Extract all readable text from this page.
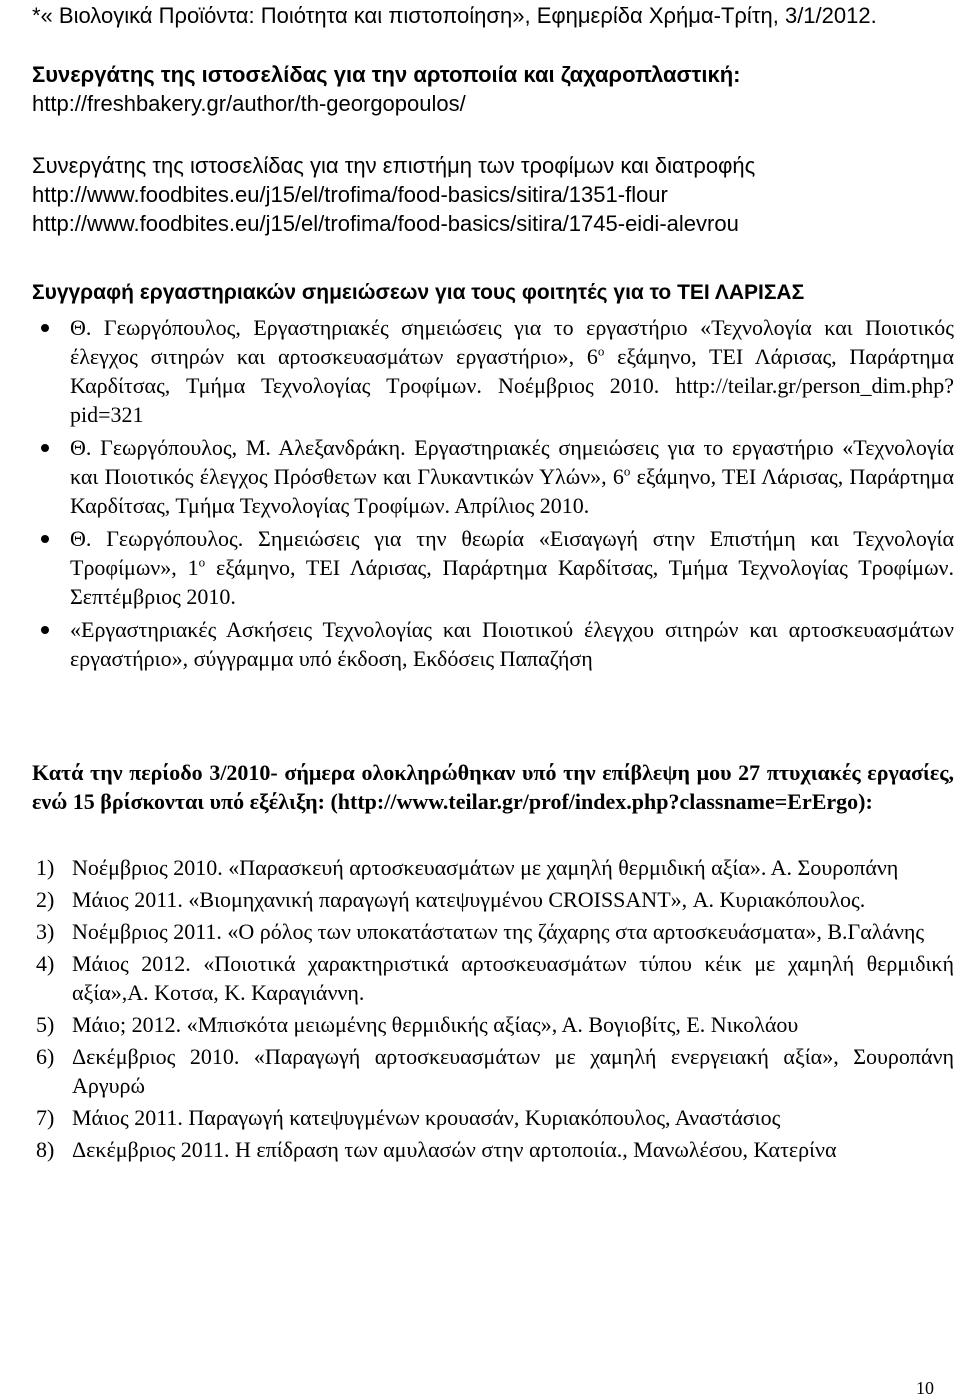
*« Βιολογικά Προϊόντα: Ποιότητα και πιστοποίηση», Εφημερίδα Χρήμα-Τρίτη, 3/1/2012.

Συνεργάτης της ιστοσελίδας για την αρτοποιία και ζαχαροπλαστική:

http://freshbakery.gr/author/th-georgopoulos/

Συνεργάτης της ιστοσελίδας για την επιστήμη των τροφίμων και διατροφής

http://www.foodbites.eu/j15/el/trofima/food-basics/sitira/1351-flour

http://www.foodbites.eu/j15/el/trofima/food-basics/sitira/1745-eidi-alevrou

Συγγραφή εργαστηριακών σημειώσεων για τους φοιτητές για το ΤΕΙ ΛΑΡΙΣΑΣ

Θ. Γεωργόπουλος, Εργαστηριακές σημειώσεις για το εργαστήριο «Τεχνολογία και Ποιοτικός έλεγχος σιτηρών και αρτοσκευασμάτων εργαστήριο», $6^o$ εξάμηνο, ΤΕΙ Λάρισας, Παράρτημα Καρδίτσας, Τμήμα Τεχνολογίας Τροφίμων. Νοέμβριος 2010. http://teilar.gr/person_dim.php?pid=321
Θ. Γεωργόπουλος, Μ. Αλεξανδράκη. Εργαστηριακές σημειώσεις για το εργαστήριο «Τεχνολογία και Ποιοτικός έλεγχος Πρόσθετων και Γλυκαντικών Υλών», $6^o$ εξάμηνο, ΤΕΙ Λάρισας, Παράρτημα Καρδίτσας, Τμήμα Τεχνολογίας Τροφίμων. Απρίλιος 2010.
Θ. Γεωργόπουλος. Σημειώσεις για την θεωρία «Εισαγωγή στην Επιστήμη και Τεχνολογία Τροφίμων», $1^o$ εξάμηνο, ΤΕΙ Λάρισας, Παράρτημα Καρδίτσας, Τμήμα Τεχνολογίας Τροφίμων. Σεπτέμβριος 2010.
«Εργαστηριακές Ασκήσεις Τεχνολογίας και Ποιοτικού έλεγχου σιτηρών και αρτοσκευασμάτων εργαστήριο», σύγγραμμα υπό έκδοση, Εκδόσεις Παπαζήση

Κατά την περίοδο 3/2010- σήμερα ολοκληρώθηκαν υπό την επίβλεψη μου 27 πτυχιακές εργασίες, ενώ 15 βρίσκονται υπό εξέλιξη: (http://www.teilar.gr/prof/index.php?classname=ErErgo):

1) Νοέμβριος 2010. «Παρασκευή αρτοσκευασμάτων με χαμηλή θερμιδική αξία». Α. Σουροπάνη
2) Μάιος 2011. «Βιομηχανική παραγωγή κατεψυγμένου CROISSANT», Α. Κυριακόπουλος.
3) Νοέμβριος 2011. «Ο ρόλος των υποκατάστατων της ζάχαρης στα αρτοσκευάσματα», Β.Γαλάνης
4) Μάιος 2012. «Ποιοτικά χαρακτηριστικά αρτοσκευασμάτων τύπου κέικ με χαμηλή θερμιδική αξία»,Α. Κοτσα, Κ. Καραγιάννη.
5) Μάιο; 2012. «Μπισκότα μειωμένης θερμιδικής αξίας», Α. Βογιοβίτς, Ε. Νικολάου
6) Δεκέμβριος 2010. «Παραγωγή αρτοσκευασμάτων με χαμηλή ενεργειακή αξία», Σουροπάνη Αργυρώ
7) Μάιος 2011. Παραγωγή κατεψυγμένων κρουασάν, Κυριακόπουλος, Αναστάσιος
8) Δεκέμβριος 2011. Η επίδραση των αμυλασών στην αρτοποιία., Μανωλέσου, Κατερίνα
10
